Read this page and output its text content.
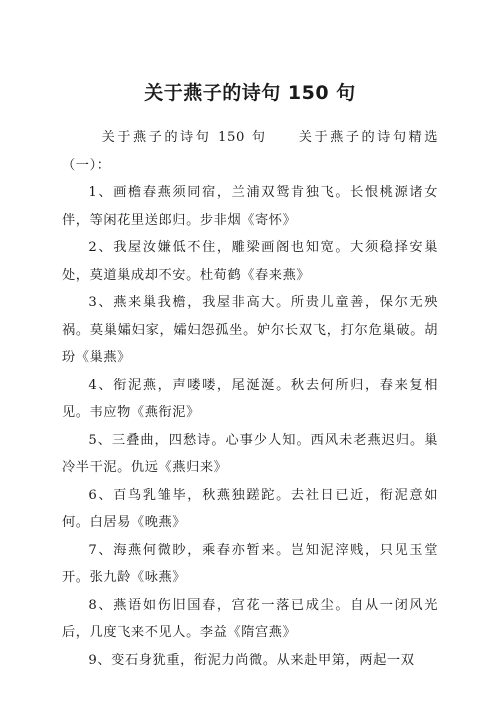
关于燕子的诗句 150 句

关于燕子的诗句 150 句　　关于燕子的诗句精选（一）：

1、画檐春燕须同宿，兰浦双鸳肯独飞。长恨桃源诸女伴，等闲花里送郎归。步非烟《寄怀》

2、我屋汝嫌低不住，雕梁画阁也知宽。大须稳择安巢处，莫道巢成却不安。杜荀鹤《春来燕》

3、燕来巢我檐，我屋非高大。所贵儿童善，保尔无殃祸。莫巢孀妇家，孀妇怨孤坐。妒尔长双飞，打尔危巢破。胡玢《巢燕》

4、衔泥燕，声喽喽，尾涎涎。秋去何所归，春来复相见。韦应物《燕衔泥》

5、三叠曲，四愁诗。心事少人知。西风未老燕迟归。巢冷半干泥。仇远《燕归来》

6、百鸟乳雏毕，秋燕独蹉跎。去社日已近，衔泥意如何。白居易《晚燕》

7、海燕何微眇，乘春亦暂来。岂知泥滓贱，只见玉堂开。张九龄《咏燕》

8、燕语如伤旧国春，宫花一落已成尘。自从一闭风光后，几度飞来不见人。李益《隋宫燕》

9、变石身犹重，衔泥力尚微。从来赴甲第，两起一双
